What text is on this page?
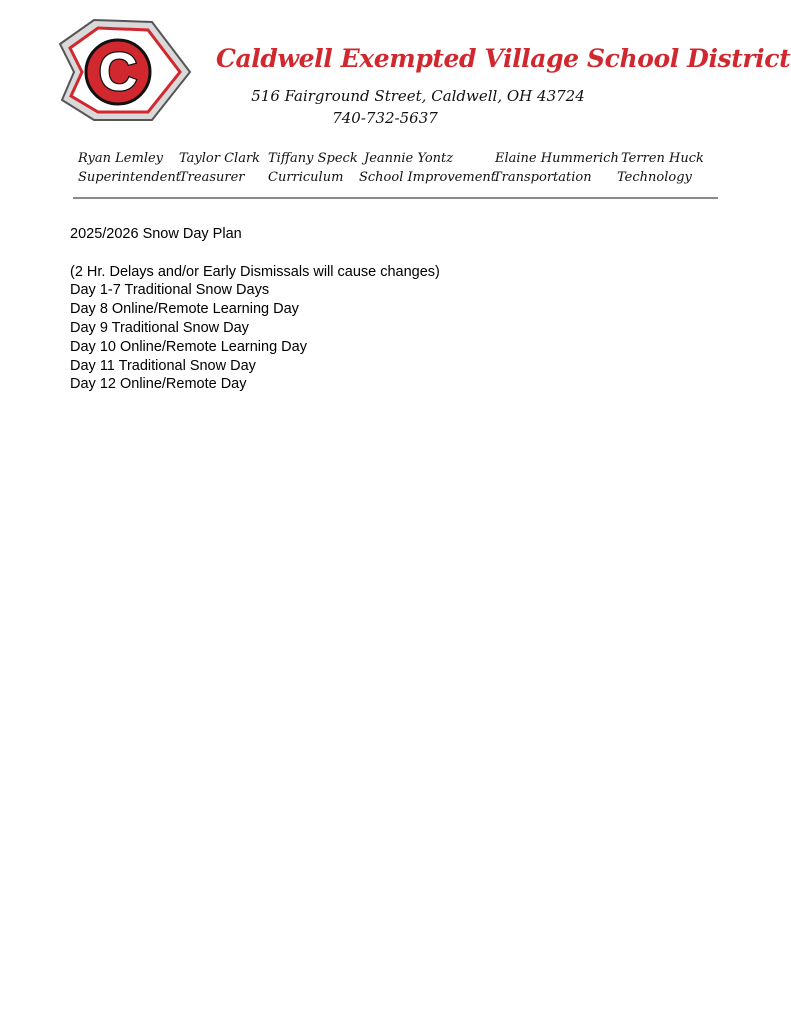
C	Caldwell Exempted Village School District
516 Fairground Street, Caldwell, OH 43724
740-732-5637
Ryan Lemley
Superintendent
Taylor Clark
Treasurer
Tiffany Speck
Curriculum
Jeannie Yontz
School Improvement
Elaine Hummerich
Transportation
Terren Huck
Technology
2025/2026 Snow Day Plan
(2 Hr. Delays and/or Early Dismissals will cause changes)
Day 1-7 Traditional Snow Days
Day 8 Online/Remote Learning Day
Day 9 Traditional Snow Day
Day 10 Online/Remote Learning Day
Day 11 Traditional Snow Day
Day 12 Online/Remote Day
